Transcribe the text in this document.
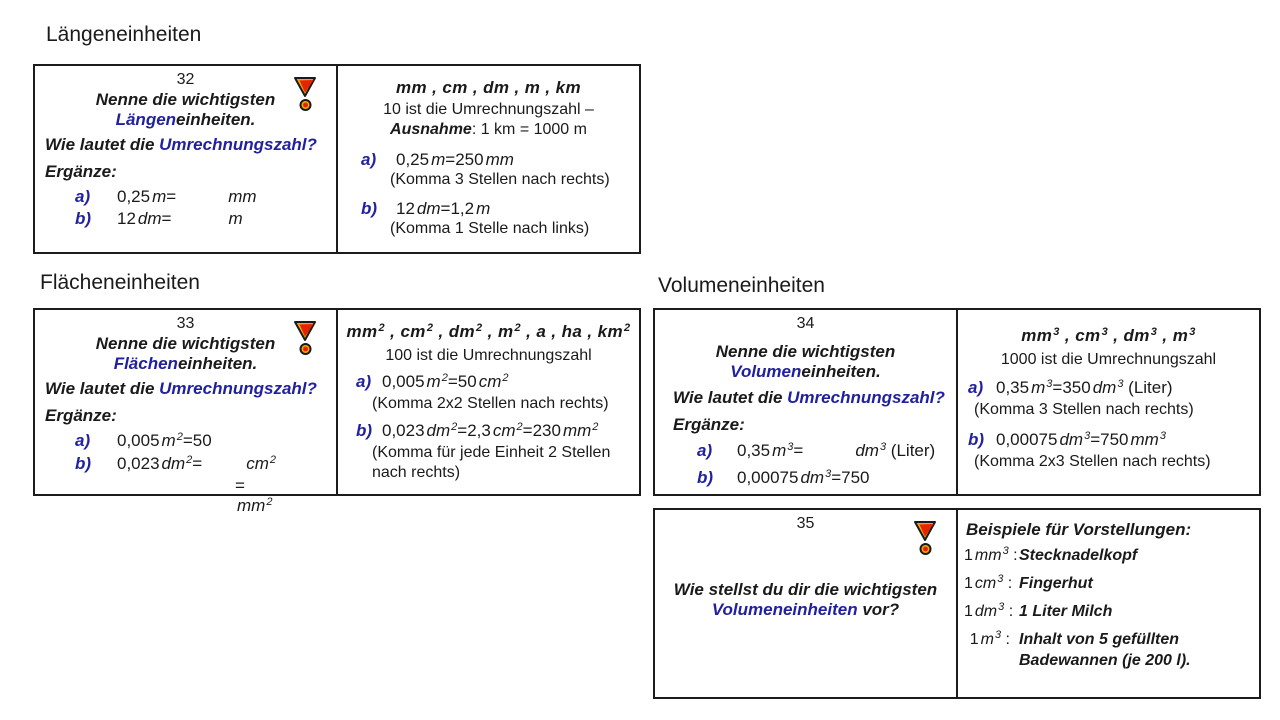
Längeneinheiten
Flächeneinheiten	Volumeneinheiten
32
Nenne die wichtigsten
Längeneinheiten.
Wie lautet die Umrechnungszahl?
Ergänze:
a) 0,25 m=	mm
b) 12 dm=	m
mm , cm , dm , m , km
10 ist die Umrechnungszahl –
Ausnahme: 1 km = 1000 m
a) 0,25 m=250 mm
(Komma 3 Stellen nach rechts)
b) 12 dm=1,2 m
(Komma 1 Stelle nach links)
33
Nenne die wichtigsten
Flächeneinheiten.
Wie lautet die Umrechnungszahl?
Ergänze:
a) 0,005 $m^2=50$
b) 0,023 $dm^2=$	$cm^2$
$=mm^2$
$mm^2$ , $cm^2$ , $dm^2$ , $m^2$ , a , ha , $km^2$
100 ist die Umrechnungszahl
a) 0,005 $m^2=50$ $cm^2$
(Komma 2x2 Stellen nach rechts)
b) 0,023 $dm^2=2,3$ $cm^2=230$ $mm^2$
(Komma für jede Einheit 2 Stellen nach rechts)
34
Nenne die wichtigsten
Volumeneinheiten.
Wie lautet die Umrechnungszahl?
Ergänze:
a) 0,35 $m^3=$	$dm^3$ (Liter)
b) 0,00075 $dm^3=750$
$mm^3$ , $cm^3$ , $dm^3$ , $m^3$
1000 ist die Umrechnungszahl
a) 0,35 $m^3=350$ $dm^3$ (Liter)
(Komma 3 Stellen nach rechts)
b) 0,00075 $dm^3=750$ $mm^3$
(Komma 2x3 Stellen nach rechts)
35
Wie stellst du dir die wichtigsten
Volumeneinheiten vor?
Beispiele für Vorstellungen:
1 $mm^3$ :Stecknadelkopf
1 $cm^3$ : Fingerhut
1 $dm^3$ : 1 Liter Milch
1 $m^3$ : Inhalt von 5 gefüllten Badewannen (je 200 l).
